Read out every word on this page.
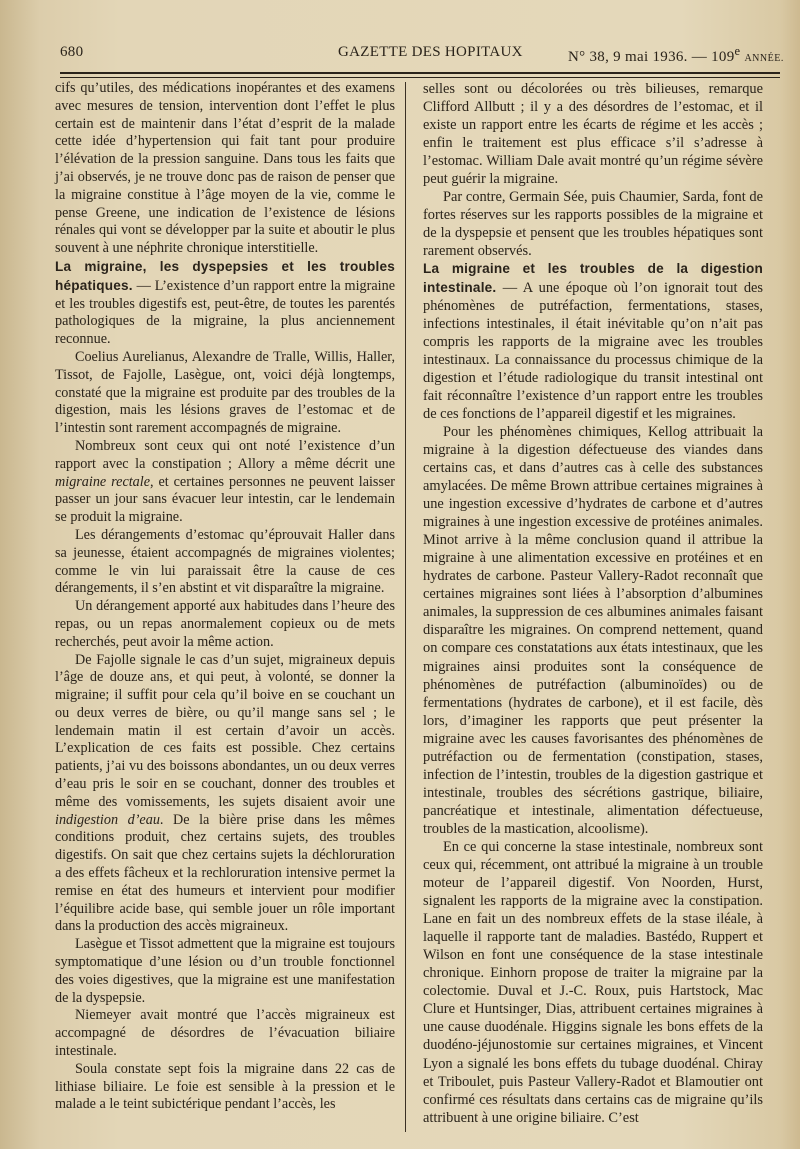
680	GAZETTE DES HOPITAUX	N° 38, 9 mai 1936. — 109e ANNÉE.

cifs qu’utiles, des médications inopérantes et des examens avec mesures de tension, intervention dont l’effet le plus certain est de maintenir dans l’état d’esprit de la malade cette idée d’hypertension qui fait tant pour produire l’élévation de la pression sanguine. Dans tous les faits que j’ai observés, je ne trouve donc pas de raison de penser que la migraine constitue à l’âge moyen de la vie, comme le pense Greene, une indication de l’existence de lésions rénales qui vont se développer par la suite et aboutir le plus souvent à une néphrite chronique interstitielle.

La migraine, les dyspepsies et les troubles hépatiques. — L’existence d’un rapport entre la migraine et les troubles digestifs est, peut-être, de toutes les parentés pathologiques de la migraine, la plus anciennement reconnue.

Coelius Aurelianus, Alexandre de Tralle, Willis, Haller, Tissot, de Fajolle, Lasègue, ont, voici déjà longtemps, constaté que la migraine est produite par des troubles de la digestion, mais les lésions graves de l’estomac et de l’intestin sont rarement accompagnés de migraine.

Nombreux sont ceux qui ont noté l’existence d’un rapport avec la constipation ; Allory a même décrit une migraine rectale, et certaines personnes ne peuvent laisser passer un jour sans évacuer leur intestin, car le lendemain se produit la migraine.

Les dérangements d’estomac qu’éprouvait Haller dans sa jeunesse, étaient accompagnés de migraines violentes; comme le vin lui paraissait être la cause de ces dérangements, il s’en abstint et vit disparaître la migraine.

Un dérangement apporté aux habitudes dans l’heure des repas, ou un repas anormalement copieux ou de mets recherchés, peut avoir la même action.

De Fajolle signale le cas d’un sujet, migraineux depuis l’âge de douze ans, et qui peut, à volonté, se donner la migraine; il suffit pour cela qu’il boive en se couchant un ou deux verres de bière, ou qu’il mange sans sel ; le lendemain matin il est certain d’avoir un accès. L’explication de ces faits est possible. Chez certains patients, j’ai vu des boissons abondantes, un ou deux verres d’eau pris le soir en se couchant, donner des troubles et même des vomissements, les sujets disaient avoir une indigestion d’eau. De la bière prise dans les mêmes conditions produit, chez certains sujets, des troubles digestifs. On sait que chez certains sujets la déchloruration a des effets fâcheux et la rechloruration intensive permet la remise en état des humeurs et intervient pour modifier l’équilibre acide base, qui semble jouer un rôle important dans la production des accès migraineux.

Lasègue et Tissot admettent que la migraine est toujours symptomatique d’une lésion ou d’un trouble fonctionnel des voies digestives, que la migraine est une manifestation de la dyspepsie.

Niemeyer avait montré que l’accès migraineux est accompagné de désordres de l’évacuation biliaire intestinale.

Soula constate sept fois la migraine dans 22 cas de lithiase biliaire. Le foie est sensible à la pression et le malade a le teint subictérique pendant l’accès, les

selles sont ou décolorées ou très bilieuses, remarque Clifford Allbutt ; il y a des désordres de l’estomac, et il existe un rapport entre les écarts de régime et les accès ; enfin le traitement est plus efficace s’il s’adresse à l’estomac. William Dale avait montré qu’un régime sévère peut guérir la migraine.

Par contre, Germain Sée, puis Chaumier, Sarda, font de fortes réserves sur les rapports possibles de la migraine et de la dyspepsie et pensent que les troubles hépatiques sont rarement observés.

La migraine et les troubles de la digestion intestinale. — A une époque où l’on ignorait tout des phénomènes de putréfaction, fermentations, stases, infections intestinales, il était inévitable qu’on n’ait pas compris les rapports de la migraine avec les troubles intestinaux. La connaissance du processus chimique de la digestion et l’étude radiologique du transit intestinal ont fait réconnaître l’existence d’un rapport entre les troubles de ces fonctions de l’appareil digestif et les migraines.

Pour les phénomènes chimiques, Kellog attribuait la migraine à la digestion défectueuse des viandes dans certains cas, et dans d’autres cas à celle des substances amylacées. De même Brown attribue certaines migraines à une ingestion excessive d’hydrates de carbone et d’autres migraines à une ingestion excessive de protéines animales. Minot arrive à la même conclusion quand il attribue la migraine à une alimentation excessive en protéines et en hydrates de carbone. Pasteur Vallery-Radot reconnaît que certaines migraines sont liées à l’absorption d’albumines animales, la suppression de ces albumines animales faisant disparaître les migraines. On comprend nettement, quand on compare ces constatations aux états intestinaux, que les migraines ainsi produites sont la conséquence de phénomènes de putréfaction (albuminoïdes) ou de fermentations (hydrates de carbone), et il est facile, dès lors, d’imaginer les rapports que peut présenter la migraine avec les causes favorisantes des phénomènes de putréfaction ou de fermentation (constipation, stases, infection de l’intestin, troubles de la digestion gastrique et intestinale, troubles des sécrétions gastrique, biliaire, pancréatique et intestinale, alimentation défectueuse, troubles de la mastication, alcoolisme).

En ce qui concerne la stase intestinale, nombreux sont ceux qui, récemment, ont attribué la migraine à un trouble moteur de l’appareil digestif. Von Noorden, Hurst, signalent les rapports de la migraine avec la constipation. Lane en fait un des nombreux effets de la stase iléale, à laquelle il rapporte tant de maladies. Bastédo, Ruppert et Wilson en font une conséquence de la stase intestinale chronique. Einhorn propose de traiter la migraine par la colectomie. Duval et J.-C. Roux, puis Hartstock, Mac Clure et Huntsinger, Dias, attribuent certaines migraines à une cause duodénale. Higgins signale les bons effets de la duodéno-jéjunostomie sur certaines migraines, et Vincent Lyon a signalé les bons effets du tubage duodénal. Chiray et Triboulet, puis Pasteur Vallery-Radot et Blamoutier ont confirmé ces résultats dans certains cas de migraine qu’ils attribuent à une origine biliaire. C’est
